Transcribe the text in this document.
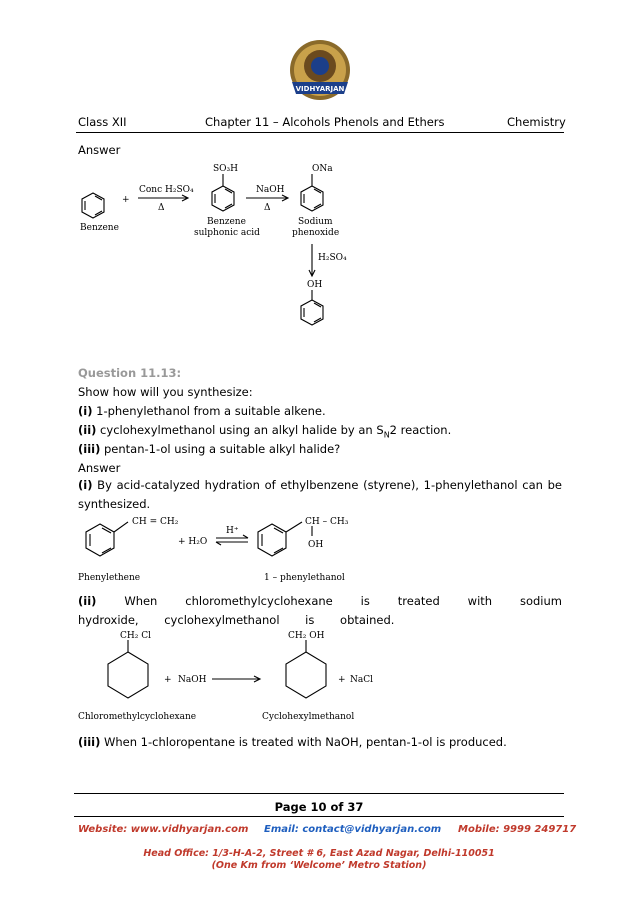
VIDHYARJAN
Class XII	Chapter 11 – Alcohols Phenols and Ethers	Chemistry
Answer
Benzene
+
Conc H₂SO₄
Δ
SO₃H
Benzene
sulphonic acid
NaOH
Δ
ONa
Sodium
phenoxide
H₂SO₄
OH
Question 11.13:
Show how will you synthesize:
(i) 1-phenylethanol from a suitable alkene.
(ii) cyclohexylmethanol using an alkyl halide by an $S_N2$ reaction.
(iii) pentan-1-ol using a suitable alkyl halide?
Answer
(i) By acid-catalyzed hydration of ethylbenzene (styrene), 1-phenylethanol can be synthesized.
CH = CH₂
+ H₂O
H⁺
CH – CH₃
OH
Phenylethene	1 – phenylethanol
(ii) When chloromethylcyclohexane is treated with sodium hydroxide, cyclohexylmethanol is obtained.
CH₂ Cl
+ NaOH
CH₂ OH
+ NaCl
Chloromethylcyclohexane	Cyclohexylmethanol
(iii) When 1-chloropentane is treated with NaOH, pentan-1-ol is produced.
Page 10 of 37
Website: www.vidhyarjan.com Email: contact@vidhyarjan.com Mobile: 9999 249717
Head Office: 1/3-H-A-2, Street # 6, East Azad Nagar, Delhi-110051
(One Km from ‘Welcome’ Metro Station)
